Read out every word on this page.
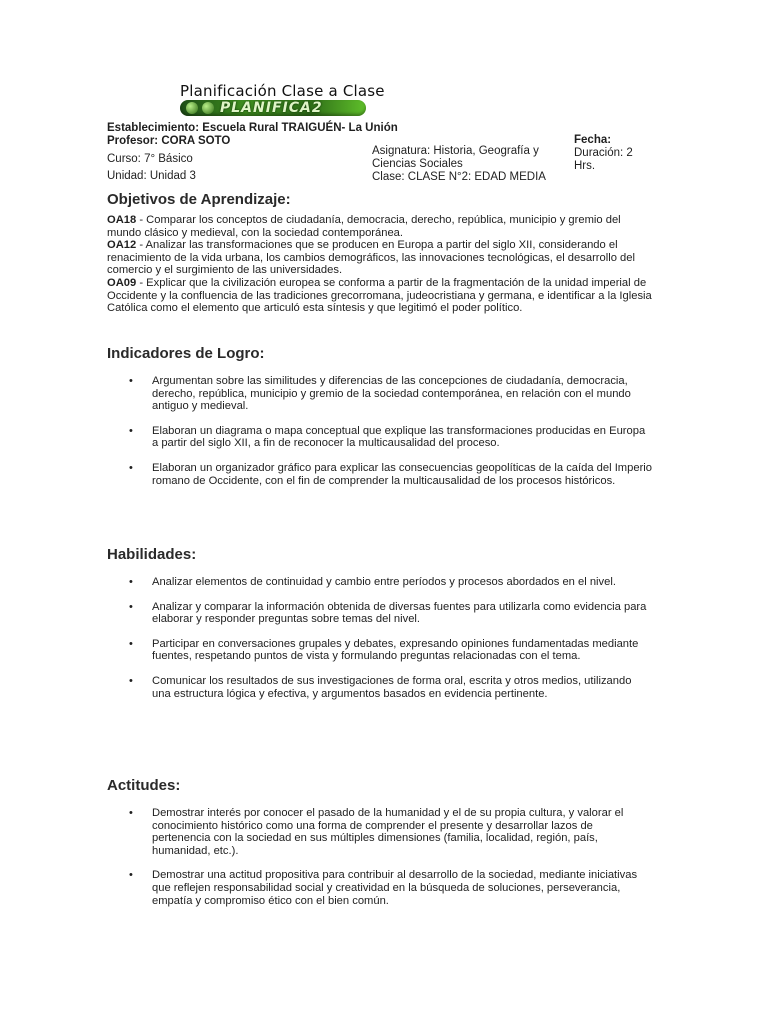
Planificación Clase a Clase
PLANIFICA2
Establecimiento: Escuela Rural TRAIGUÉN- La Unión
Profesor: CORA SOTO
Curso: 7° Básico
Unidad: Unidad 3
Asignatura: Historia, Geografía y
Ciencias Sociales
Clase: CLASE N°2: EDAD MEDIA
Fecha:
Duración: 2
Hrs.
Objetivos de Aprendizaje:
OA18 - Comparar los conceptos de ciudadanía, democracia, derecho, república, municipio y gremio del mundo clásico y medieval, con la sociedad contemporánea.
OA12 - Analizar las transformaciones que se producen en Europa a partir del siglo XII, considerando el renacimiento de la vida urbana, los cambios demográficos, las innovaciones tecnológicas, el desarrollo del comercio y el surgimiento de las universidades.
OA09 - Explicar que la civilización europea se conforma a partir de la fragmentación de la unidad imperial de Occidente y la confluencia de las tradiciones grecorromana, judeocristiana y germana, e identificar a la Iglesia Católica como el elemento que articuló esta síntesis y que legitimó el poder político.
Indicadores de Logro:
• Argumentan sobre las similitudes y diferencias de las concepciones de ciudadanía, democracia, derecho, república, municipio y gremio de la sociedad contemporánea, en relación con el mundo antiguo y medieval.
• Elaboran un diagrama o mapa conceptual que explique las transformaciones producidas en Europa a partir del siglo XII, a fin de reconocer la multicausalidad del proceso.
• Elaboran un organizador gráfico para explicar las consecuencias geopolíticas de la caída del Imperio romano de Occidente, con el fin de comprender la multicausalidad de los procesos históricos.
Habilidades:
• Analizar elementos de continuidad y cambio entre períodos y procesos abordados en el nivel.
• Analizar y comparar la información obtenida de diversas fuentes para utilizarla como evidencia para elaborar y responder preguntas sobre temas del nivel.
• Participar en conversaciones grupales y debates, expresando opiniones fundamentadas mediante fuentes, respetando puntos de vista y formulando preguntas relacionadas con el tema.
• Comunicar los resultados de sus investigaciones de forma oral, escrita y otros medios, utilizando una estructura lógica y efectiva, y argumentos basados en evidencia pertinente.
Actitudes:
• Demostrar interés por conocer el pasado de la humanidad y el de su propia cultura, y valorar el conocimiento histórico como una forma de comprender el presente y desarrollar lazos de pertenencia con la sociedad en sus múltiples dimensiones (familia, localidad, región, país, humanidad, etc.).
• Demostrar una actitud propositiva para contribuir al desarrollo de la sociedad, mediante iniciativas que reflejen responsabilidad social y creatividad en la búsqueda de soluciones, perseverancia, empatía y compromiso ético con el bien común.
